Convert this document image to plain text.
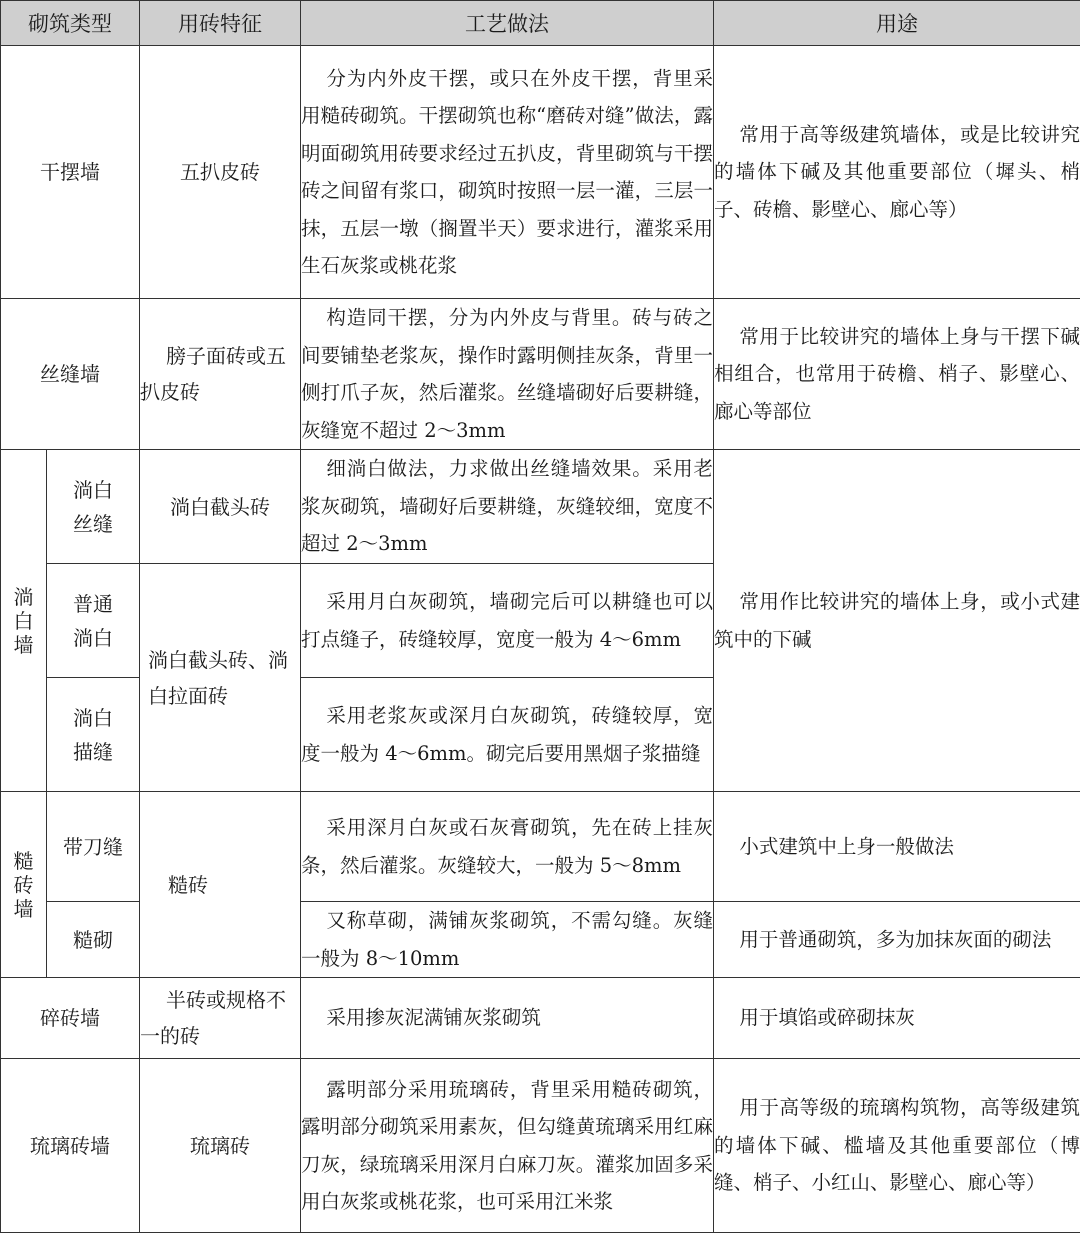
砌筑类型		用砖特征	工艺做法	用途
干摆墙		五扒皮砖	分为内外皮干摆，或只在外皮干摆，背里采用糙砖砌筑。干摆砌筑也称“磨砖对缝”做法，露明面砌筑用砖要求经过五扒皮，背里砌筑与干摆砖之间留有浆口，砌筑时按照一层一灌，三层一抹，五层一墩（搁置半天）要求进行，灌浆采用生石灰浆或桃花浆	常用于高等级建筑墙体，或是比较讲究的墙体下碱及其他重要部位（墀头、梢子、砖檐、影壁心、廊心等）
丝缝墙		膀子面砖或五扒皮砖	构造同干摆，分为内外皮与背里。砖与砖之间要铺垫老浆灰，操作时露明侧挂灰条，背里一侧打爪子灰，然后灌浆。丝缝墙砌好后要耕缝，灰缝宽不超过 2～3mm	常用于比较讲究的墙体上身与干摆下碱相组合，也常用于砖檐、梢子、影壁心、廊心等部位
淌白墙	淌白丝缝	淌白截头砖	细淌白做法，力求做出丝缝墙效果。采用老浆灰砌筑，墙砌好后要耕缝，灰缝较细，宽度不超过 2～3mm	常用作比较讲究的墙体上身，或小式建筑中的下碱
	普通淌白	淌白截头砖、淌白拉面砖	采用月白灰砌筑，墙砌完后可以耕缝也可以打点缝子，砖缝较厚，宽度一般为 4～6mm	
	淌白描缝		采用老浆灰或深月白灰砌筑，砖缝较厚，宽度一般为 4～6mm。砌完后要用黑烟子浆描缝	
糙砖墙	带刀缝	糙砖	采用深月白灰或石灰膏砌筑，先在砖上挂灰条，然后灌浆。灰缝较大，一般为 5～8mm	小式建筑中上身一般做法
	糙砌		又称草砌，满铺灰浆砌筑，不需勾缝。灰缝一般为 8～10mm	用于普通砌筑，多为加抹灰面的砌法
碎砖墙		半砖或规格不一的砖	采用掺灰泥满铺灰浆砌筑	用于填馅或碎砌抹灰
琉璃砖墙		琉璃砖	露明部分采用琉璃砖，背里采用糙砖砌筑，露明部分砌筑采用素灰，但勾缝黄琉璃采用红麻刀灰，绿琉璃采用深月白麻刀灰。灌浆加固多采用白灰浆或桃花浆，也可采用江米浆	用于高等级的琉璃构筑物，高等级建筑的墙体下碱、槛墙及其他重要部位（博缝、梢子、小红山、影壁心、廊心等）
